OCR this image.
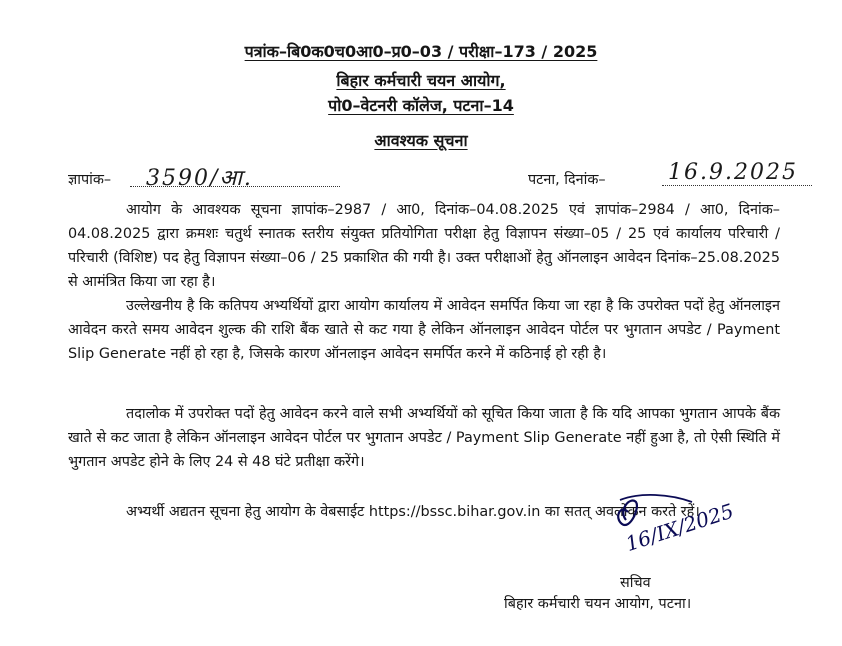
पत्रांक–बि0क0च0आ0–प्र0–03 / परीक्षा–173 / 2025
बिहार कर्मचारी चयन आयोग,
पो0–वेटनरी कॉलेज, पटना–14
आवश्यक सूचना
ज्ञापांक– 3590/आ.	पटना, दिनांक–	16.9.2025

आयोग के आवश्यक सूचना ज्ञापांक–2987 / आ0, दिनांक–04.08.2025 एवं ज्ञापांक–2984 / आ0, दिनांक–04.08.2025 द्वारा क्रमशः चतुर्थ स्नातक स्तरीय संयुक्त प्रतियोगिता परीक्षा हेतु विज्ञापन संख्या–05 / 25 एवं कार्यालय परिचारी / परिचारी (विशिष्ट) पद हेतु विज्ञापन संख्या–06 / 25 प्रकाशित की गयी है। उक्त परीक्षाओं हेतु ऑनलाइन आवेदन दिनांक–25.08.2025 से आमंत्रित किया जा रहा है।

उल्लेखनीय है कि कतिपय अभ्यर्थियों द्वारा आयोग कार्यालय में आवेदन समर्पित किया जा रहा है कि उपरोक्त पदों हेतु ऑनलाइन आवेदन करते समय आवेदन शुल्क की राशि बैंक खाते से कट गया है लेकिन ऑनलाइन आवेदन पोर्टल पर भुगतान अपडेट / Payment Slip Generate नहीं हो रहा है, जिसके कारण ऑनलाइन आवेदन समर्पित करने में कठिनाई हो रही है।

तदालोक में उपरोक्त पदों हेतु आवेदन करने वाले सभी अभ्यर्थियों को सूचित किया जाता है कि यदि आपका भुगतान आपके बैंक खाते से कट जाता है लेकिन ऑनलाइन आवेदन पोर्टल पर भुगतान अपडेट / Payment Slip Generate नहीं हुआ है, तो ऐसी स्थिति में भुगतान अपडेट होने के लिए 24 से 48 घंटे प्रतीक्षा करेंगे।

अभ्यर्थी अद्यतन सूचना हेतु आयोग के वेबसाईट https://bssc.bihar.gov.in का सतत् अवलोकन करते रहें।

16/IX/2025
सचिव
बिहार कर्मचारी चयन आयोग, पटना।
